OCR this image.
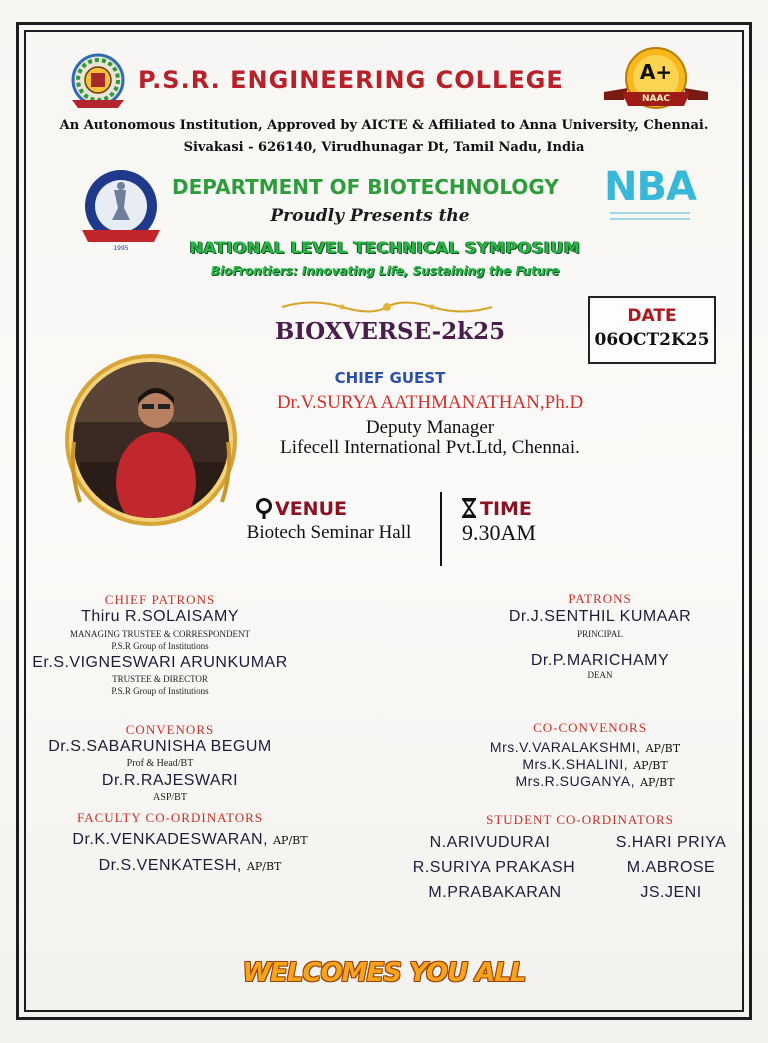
P.S.R. ENGINEERING COLLEGE	A+
NAAC
An Autonomous Institution, Approved by AICTE & Affiliated to Anna University, Chennai.
Sivakasi - 626140, Virudhunagar Dt, Tamil Nadu, India
1995
DEPARTMENT OF BIOTECHNOLOGY NBA
Proudly Presents the
NATIONAL LEVEL TECHNICAL SYMPOSIUM
BioFrontiers: Innovating Life, Sustaining the Future
BIOXVERSE-2k25
DATE
06OCT2K25
CHIEF GUEST
Dr.V.SURYA AATHMANATHAN,Ph.D
Deputy Manager
Lifecell International Pvt.Ltd, Chennai.
VENUE
Biotech Seminar Hall
TIME
9.30AM
CHIEF PATRONS
Thiru R.SOLAISAMY
MANAGING TRUSTEE & CORRESPONDENT
P.S.R Group of Institutions
Er.S.VIGNESWARI ARUNKUMAR
TRUSTEE & DIRECTOR
P.S.R Group of Institutions
PATRONS
Dr.J.SENTHIL KUMAAR
PRINCIPAL
Dr.P.MARICHAMY
DEAN
CONVENORS
Dr.S.SABARUNISHA BEGUM
Prof & Head/BT
Dr.R.RAJESWARI
ASP/BT
CO-CONVENORS
Mrs.V.VARALAKSHMI, AP/BT
Mrs.K.SHALINI, AP/BT
Mrs.R.SUGANYA, AP/BT
FACULTY CO-ORDINATORS
Dr.K.VENKADESWARAN, AP/BT
Dr.S.VENKATESH, AP/BT
STUDENT CO-ORDINATORS
N.ARIVUDURAI	S.HARI PRIYA
R.SURIYA PRAKASH	M.ABROSE
M.PRABAKARAN	JS.JENI
WELCOMES YOU ALL
